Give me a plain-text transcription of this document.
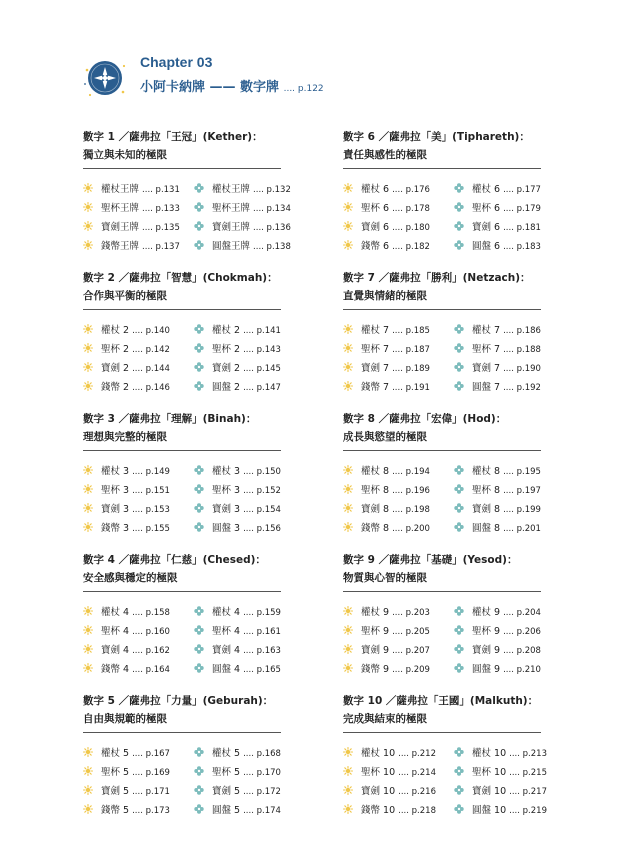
Chapter 03
小阿卡納牌 —— 數字牌 .... p.122
數字 1 ／薩弗拉「王冠」(Kether)：
獨立與未知的極限
權杖王牌 .... p.131
聖杯王牌 .... p.133
寶劍王牌 .... p.135
錢幣王牌 .... p.137
權杖王牌 .... p.132
聖杯王牌 .... p.134
寶劍王牌 .... p.136
圓盤王牌 .... p.138
數字 6 ／薩弗拉「美」(Tiphareth)：
責任與感性的極限
權杖 6 .... p.176
聖杯 6 .... p.178
寶劍 6 .... p.180
錢幣 6 .... p.182
權杖 6 .... p.177
聖杯 6 .... p.179
寶劍 6 .... p.181
圓盤 6 .... p.183
數字 2 ／薩弗拉「智慧」(Chokmah)：
合作與平衡的極限
權杖 2 .... p.140
聖杯 2 .... p.142
寶劍 2 .... p.144
錢幣 2 .... p.146
權杖 2 .... p.141
聖杯 2 .... p.143
寶劍 2 .... p.145
圓盤 2 .... p.147
數字 7 ／薩弗拉「勝利」(Netzach)：
直覺與情緒的極限
權杖 7 .... p.185
聖杯 7 .... p.187
寶劍 7 .... p.189
錢幣 7 .... p.191
權杖 7 .... p.186
聖杯 7 .... p.188
寶劍 7 .... p.190
圓盤 7 .... p.192
數字 3 ／薩弗拉「理解」(Binah)：
理想與完整的極限
權杖 3 .... p.149
聖杯 3 .... p.151
寶劍 3 .... p.153
錢幣 3 .... p.155
權杖 3 .... p.150
聖杯 3 .... p.152
寶劍 3 .... p.154
圓盤 3 .... p.156
數字 8 ／薩弗拉「宏偉」(Hod)：
成長與慾望的極限
權杖 8 .... p.194
聖杯 8 .... p.196
寶劍 8 .... p.198
錢幣 8 .... p.200
權杖 8 .... p.195
聖杯 8 .... p.197
寶劍 8 .... p.199
圓盤 8 .... p.201
數字 4 ／薩弗拉「仁慈」(Chesed)：
安全感與穩定的極限
權杖 4 .... p.158
聖杯 4 .... p.160
寶劍 4 .... p.162
錢幣 4 .... p.164
權杖 4 .... p.159
聖杯 4 .... p.161
寶劍 4 .... p.163
圓盤 4 .... p.165
數字 9 ／薩弗拉「基礎」(Yesod)：
物質與心智的極限
權杖 9 .... p.203
聖杯 9 .... p.205
寶劍 9 .... p.207
錢幣 9 .... p.209
權杖 9 .... p.204
聖杯 9 .... p.206
寶劍 9 .... p.208
圓盤 9 .... p.210
數字 5 ／薩弗拉「力量」(Geburah)：
自由與規範的極限
權杖 5 .... p.167
聖杯 5 .... p.169
寶劍 5 .... p.171
錢幣 5 .... p.173
權杖 5 .... p.168
聖杯 5 .... p.170
寶劍 5 .... p.172
圓盤 5 .... p.174
數字 10 ／薩弗拉「王國」(Malkuth)：
完成與結束的極限
權杖 10 .... p.212
聖杯 10 .... p.214
寶劍 10 .... p.216
錢幣 10 .... p.218
權杖 10 .... p.213
聖杯 10 .... p.215
寶劍 10 .... p.217
圓盤 10 .... p.219
